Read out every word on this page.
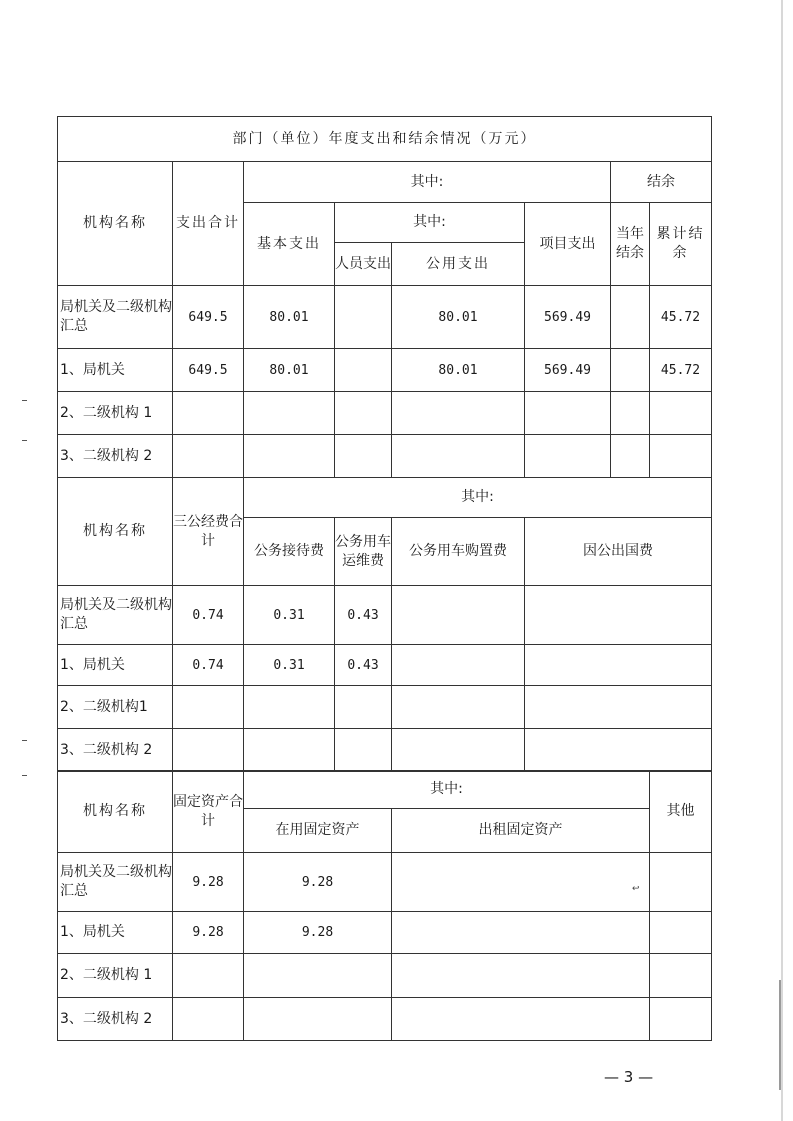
部门（单位）年度支出和结余情况（万元）							
机构名称	支出合计	其中:				结余	
		基本支出	其中:		项目支出	当年结余	累计结余
			人员支出	公用支出			
局机关及二级机构汇总	649.5	80.01		80.01	569.49		45.72
1、局机关	649.5	80.01		80.01	569.49		45.72
2、二级机构 1							
3、二级机构 2							
机构名称	三公经费合计	其中:			
		公务接待费	公务用车运维费	公务用车购置费	因公出国费
局机关及二级机构汇总	0.74	0.31	0.43		
1、局机关	0.74	0.31	0.43		
2、二级机构1					
3、二级机构 2					
机构名称	固定资产合计	其中:		其他
		在用固定资产	出租固定资产	
局机关及二级机构汇总	9.28	9.28		
1、局机关	9.28	9.28		
2、二级机构 1				
3、二级机构 2				
↩
— 3 —
